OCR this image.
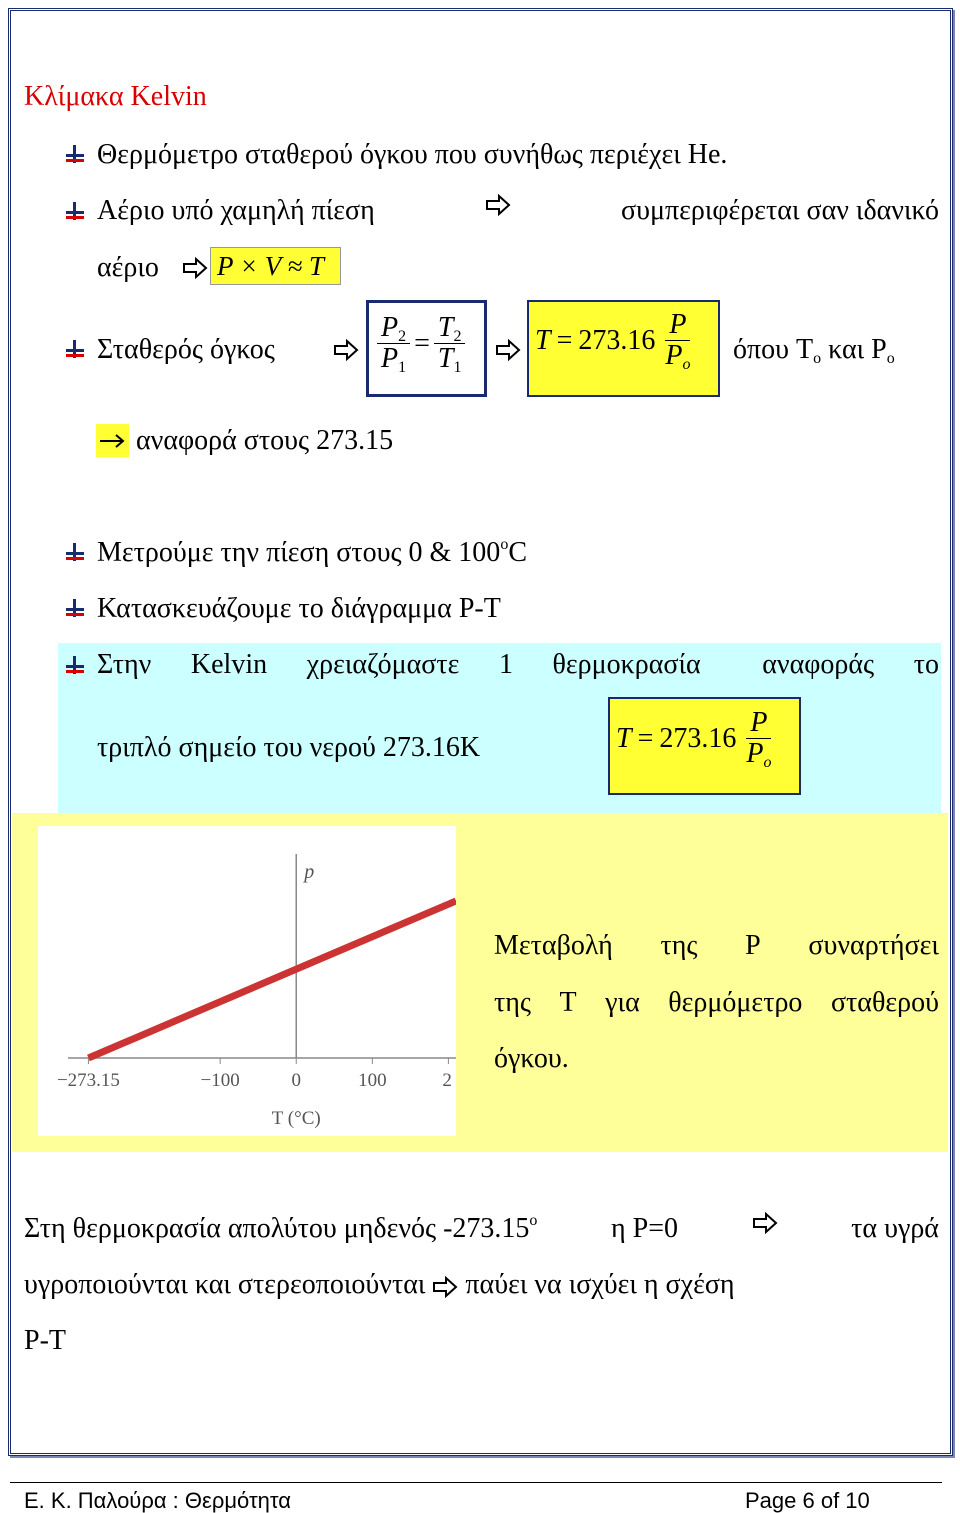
Κλίμακα Kelvin
Θερμόμετρο σταθερού όγκου που συνήθως περιέχει He.
Αέριο υπό χαμηλή πίεση	συμπεριφέρεται σαν ιδανικό
αέριο P × V ≈ T
Σταθερός όγκος	$\frac{P_2}{P_1} = \frac{T_2}{T_1}$ $T = 273.16 \frac{P}{P_o}$ όπου $T_o$ και $P_o$
αναφορά στους 273.15
Μετρούμε την πίεση στους 0 & 100$^o$C
Κατασκευάζουμε το διάγραμμα P-T
Στην Kelvin χρειαζόμαστε 1 θερμοκρασία αναφοράς το
τριπλό σημείο του νερού 273.16K	$T = 273.16 \frac{P}{P_o}$
p
−273.15	−100	0	100	2
T (°C)
Μεταβολή της P συναρτήσει
της Τ για θερμόμετρο σταθερού
όγκου.
Στη θερμοκρασία απολύτου μηδενός -273.15$^o$	η P=0	τα υγρά
υγροποιούνται και στερεοποιούνται παύει να ισχύει η σχέση
P-T
Ε. Κ. Παλούρα : Θερμότητα	Page 6 of 10
